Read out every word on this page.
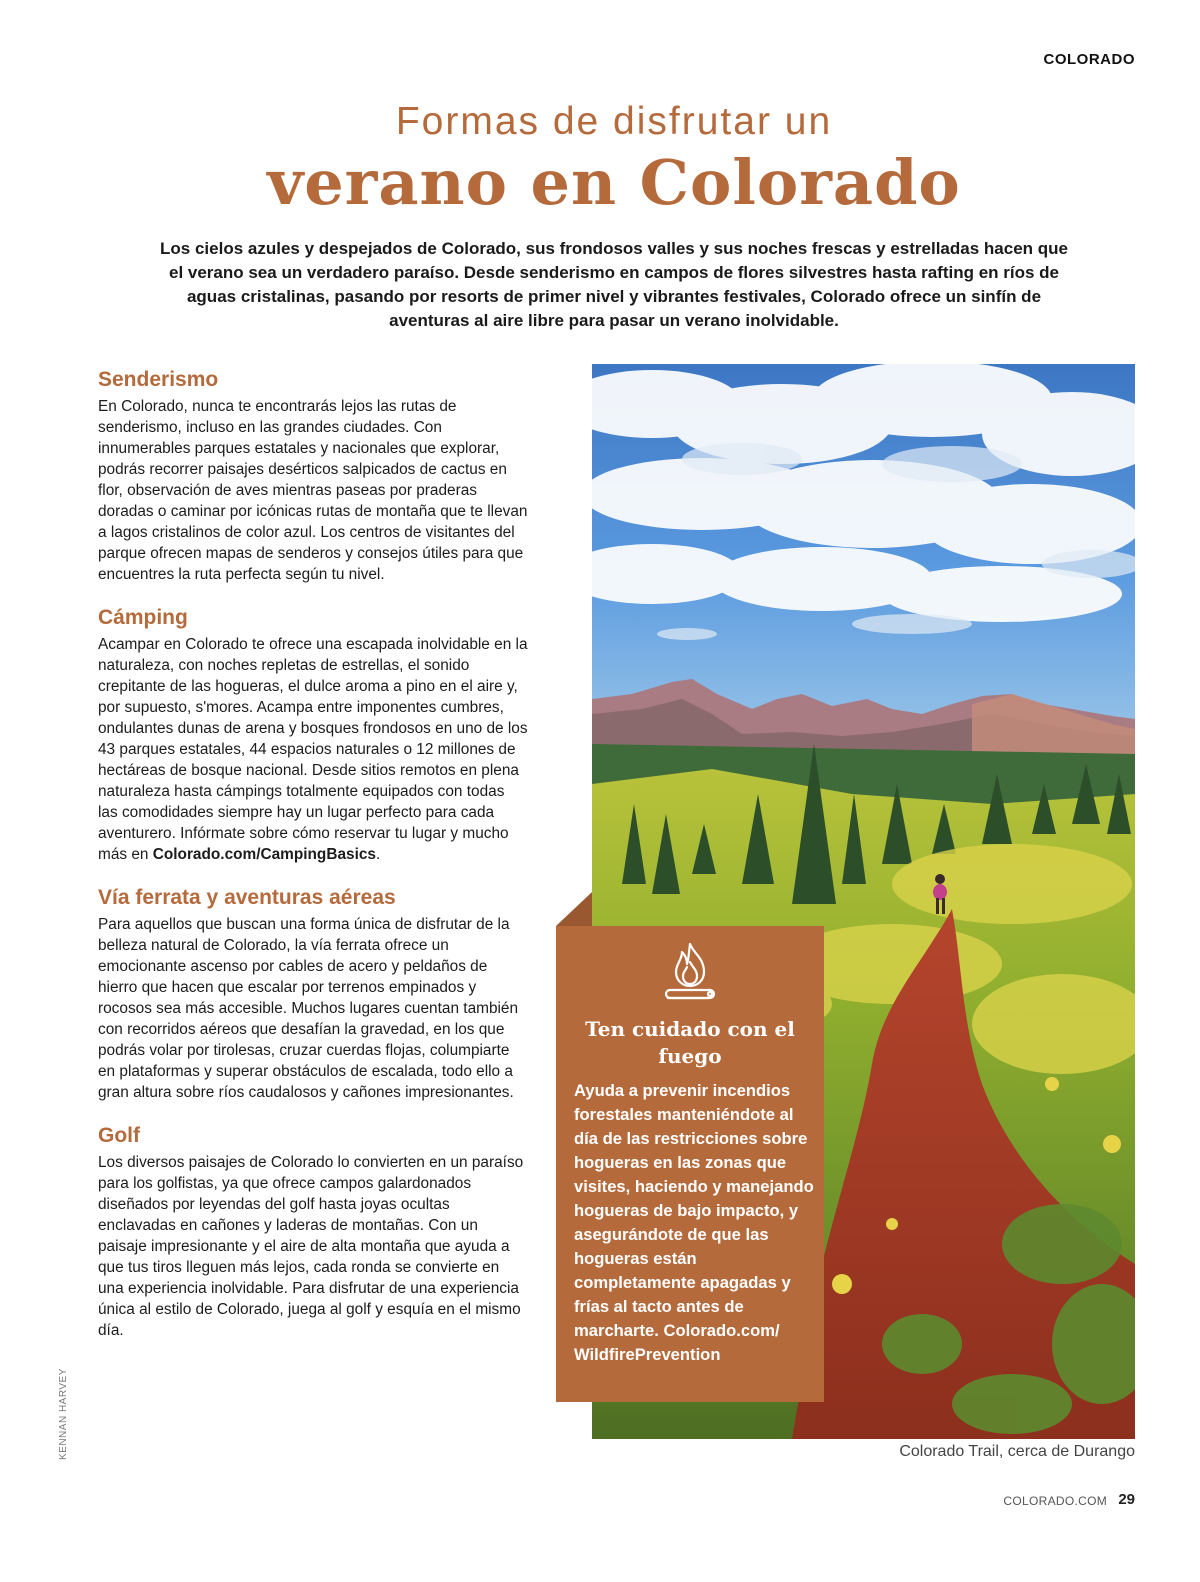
COLORADO
Formas de disfrutar un
verano en Colorado
Los cielos azules y despejados de Colorado, sus frondosos valles y sus noches frescas y estrelladas hacen que el verano sea un verdadero paraíso. Desde senderismo en campos de flores silvestres hasta rafting en ríos de aguas cristalinas, pasando por resorts de primer nivel y vibrantes festivales, Colorado ofrece un sinfín de aventuras al aire libre para pasar un verano inolvidable.
Senderismo

En Colorado, nunca te encontrarás lejos las rutas de senderismo, incluso en las grandes ciudades. Con innumerables parques estatales y nacionales que explorar, podrás recorrer paisajes desérticos salpicados de cactus en flor, observación de aves mientras paseas por praderas doradas o caminar por icónicas rutas de montaña que te llevan a lagos cristalinos de color azul. Los centros de visitantes del parque ofrecen mapas de senderos y consejos útiles para que encuentres la ruta perfecta según tu nivel.

Cámping

Acampar en Colorado te ofrece una escapada inolvidable en la naturaleza, con noches repletas de estrellas, el sonido crepitante de las hogueras, el dulce aroma a pino en el aire y, por supuesto, s'mores. Acampa entre imponentes cumbres, ondulantes dunas de arena y bosques frondosos en uno de los 43 parques estatales, 44 espacios naturales o 12 millones de hectáreas de bosque nacional. Desde sitios remotos en plena naturaleza hasta cámpings totalmente equipados con todas las comodidades siempre hay un lugar perfecto para cada aventurero. Infórmate sobre cómo reservar tu lugar y mucho más en Colorado.com/CampingBasics.

Vía ferrata y aventuras aéreas

Para aquellos que buscan una forma única de disfrutar de la belleza natural de Colorado, la vía ferrata ofrece un emocionante ascenso por cables de acero y peldaños de hierro que hacen que escalar por terrenos empinados y rocosos sea más accesible. Muchos lugares cuentan también con recorridos aéreos que desafían la gravedad, en los que podrás volar por tirolesas, cruzar cuerdas flojas, columpiarte en plataformas y superar obstáculos de escalada, todo ello a gran altura sobre ríos caudalosos y cañones impresionantes.

Golf

Los diversos paisajes de Colorado lo convierten en un paraíso para los golfistas, ya que ofrece campos galardonados diseñados por leyendas del golf hasta joyas ocultas enclavadas en cañones y laderas de montañas. Con un paisaje impresionante y el aire de alta montaña que ayuda a que tus tiros lleguen más lejos, cada ronda se convierte en una experiencia inolvidable. Para disfrutar de una experiencia única al estilo de Colorado, juega al golf y esquía en el mismo día.

Ten cuidado con el fuego
Ayuda a prevenir incendios forestales manteniéndote al día de las restricciones sobre hogueras en las zonas que visites, haciendo y manejando hogueras de bajo impacto, y asegurándote de que las hogueras están completamente apagadas y frías al tacto antes de marcharte. Colorado.com/ WildfirePrevention
Colorado Trail, cerca de Durango
KENNAN HARVEY
COLORADO.COM 29
